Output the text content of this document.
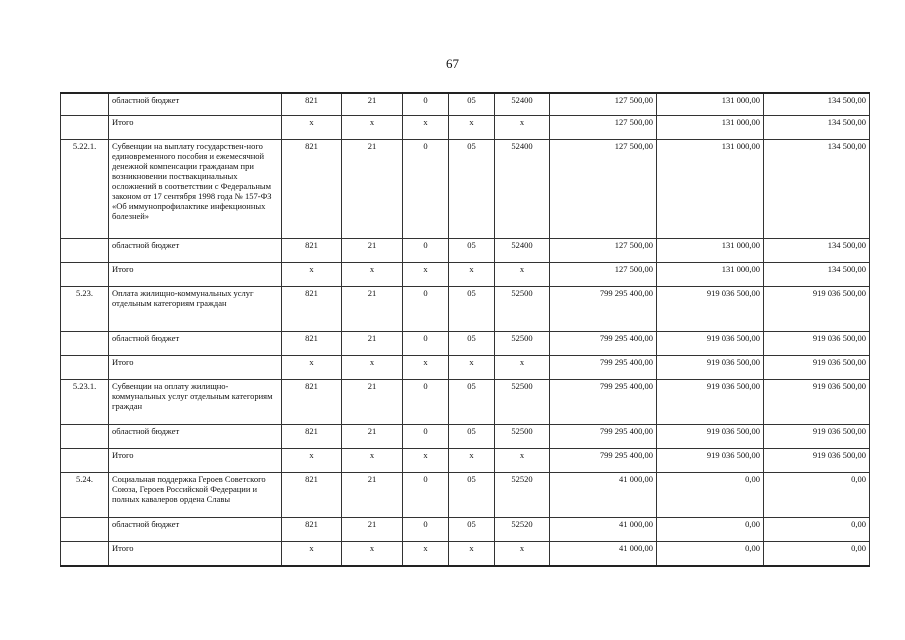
67
	областной бюджет	821	21	0	05	52400	127 500,00	131 000,00	134 500,00
	Итого	x	x	x	x	x	127 500,00	131 000,00	134 500,00
5.22.1.	Субвенции на выплату государствен-ного единовременного пособия и ежемесячной денежной компенсации гражданам при возникновении поствакцинальных осложнений в соответствии с Федеральным законом от 17 сентября 1998 года № 157-ФЗ «Об иммунопрофилактике инфекционных болезней»	821	21	0	05	52400	127 500,00	131 000,00	134 500,00
	областной бюджет	821	21	0	05	52400	127 500,00	131 000,00	134 500,00
	Итого	x	x	x	x	x	127 500,00	131 000,00	134 500,00
5.23.	Оплата жилищно-коммунальных услуг отдельным категориям граждан	821	21	0	05	52500	799 295 400,00	919 036 500,00	919 036 500,00
	областной бюджет	821	21	0	05	52500	799 295 400,00	919 036 500,00	919 036 500,00
	Итого	x	x	x	x	x	799 295 400,00	919 036 500,00	919 036 500,00
5.23.1.	Субвенции на оплату жилищно-коммунальных услуг отдельным категориям граждан	821	21	0	05	52500	799 295 400,00	919 036 500,00	919 036 500,00
	областной бюджет	821	21	0	05	52500	799 295 400,00	919 036 500,00	919 036 500,00
	Итого	x	x	x	x	x	799 295 400,00	919 036 500,00	919 036 500,00
5.24.	Социальная поддержка Героев Советского Союза, Героев Российской Федерации и полных кавалеров ордена Славы	821	21	0	05	52520	41 000,00	0,00	0,00
	областной бюджет	821	21	0	05	52520	41 000,00	0,00	0,00
	Итого	x	x	x	x	x	41 000,00	0,00	0,00
